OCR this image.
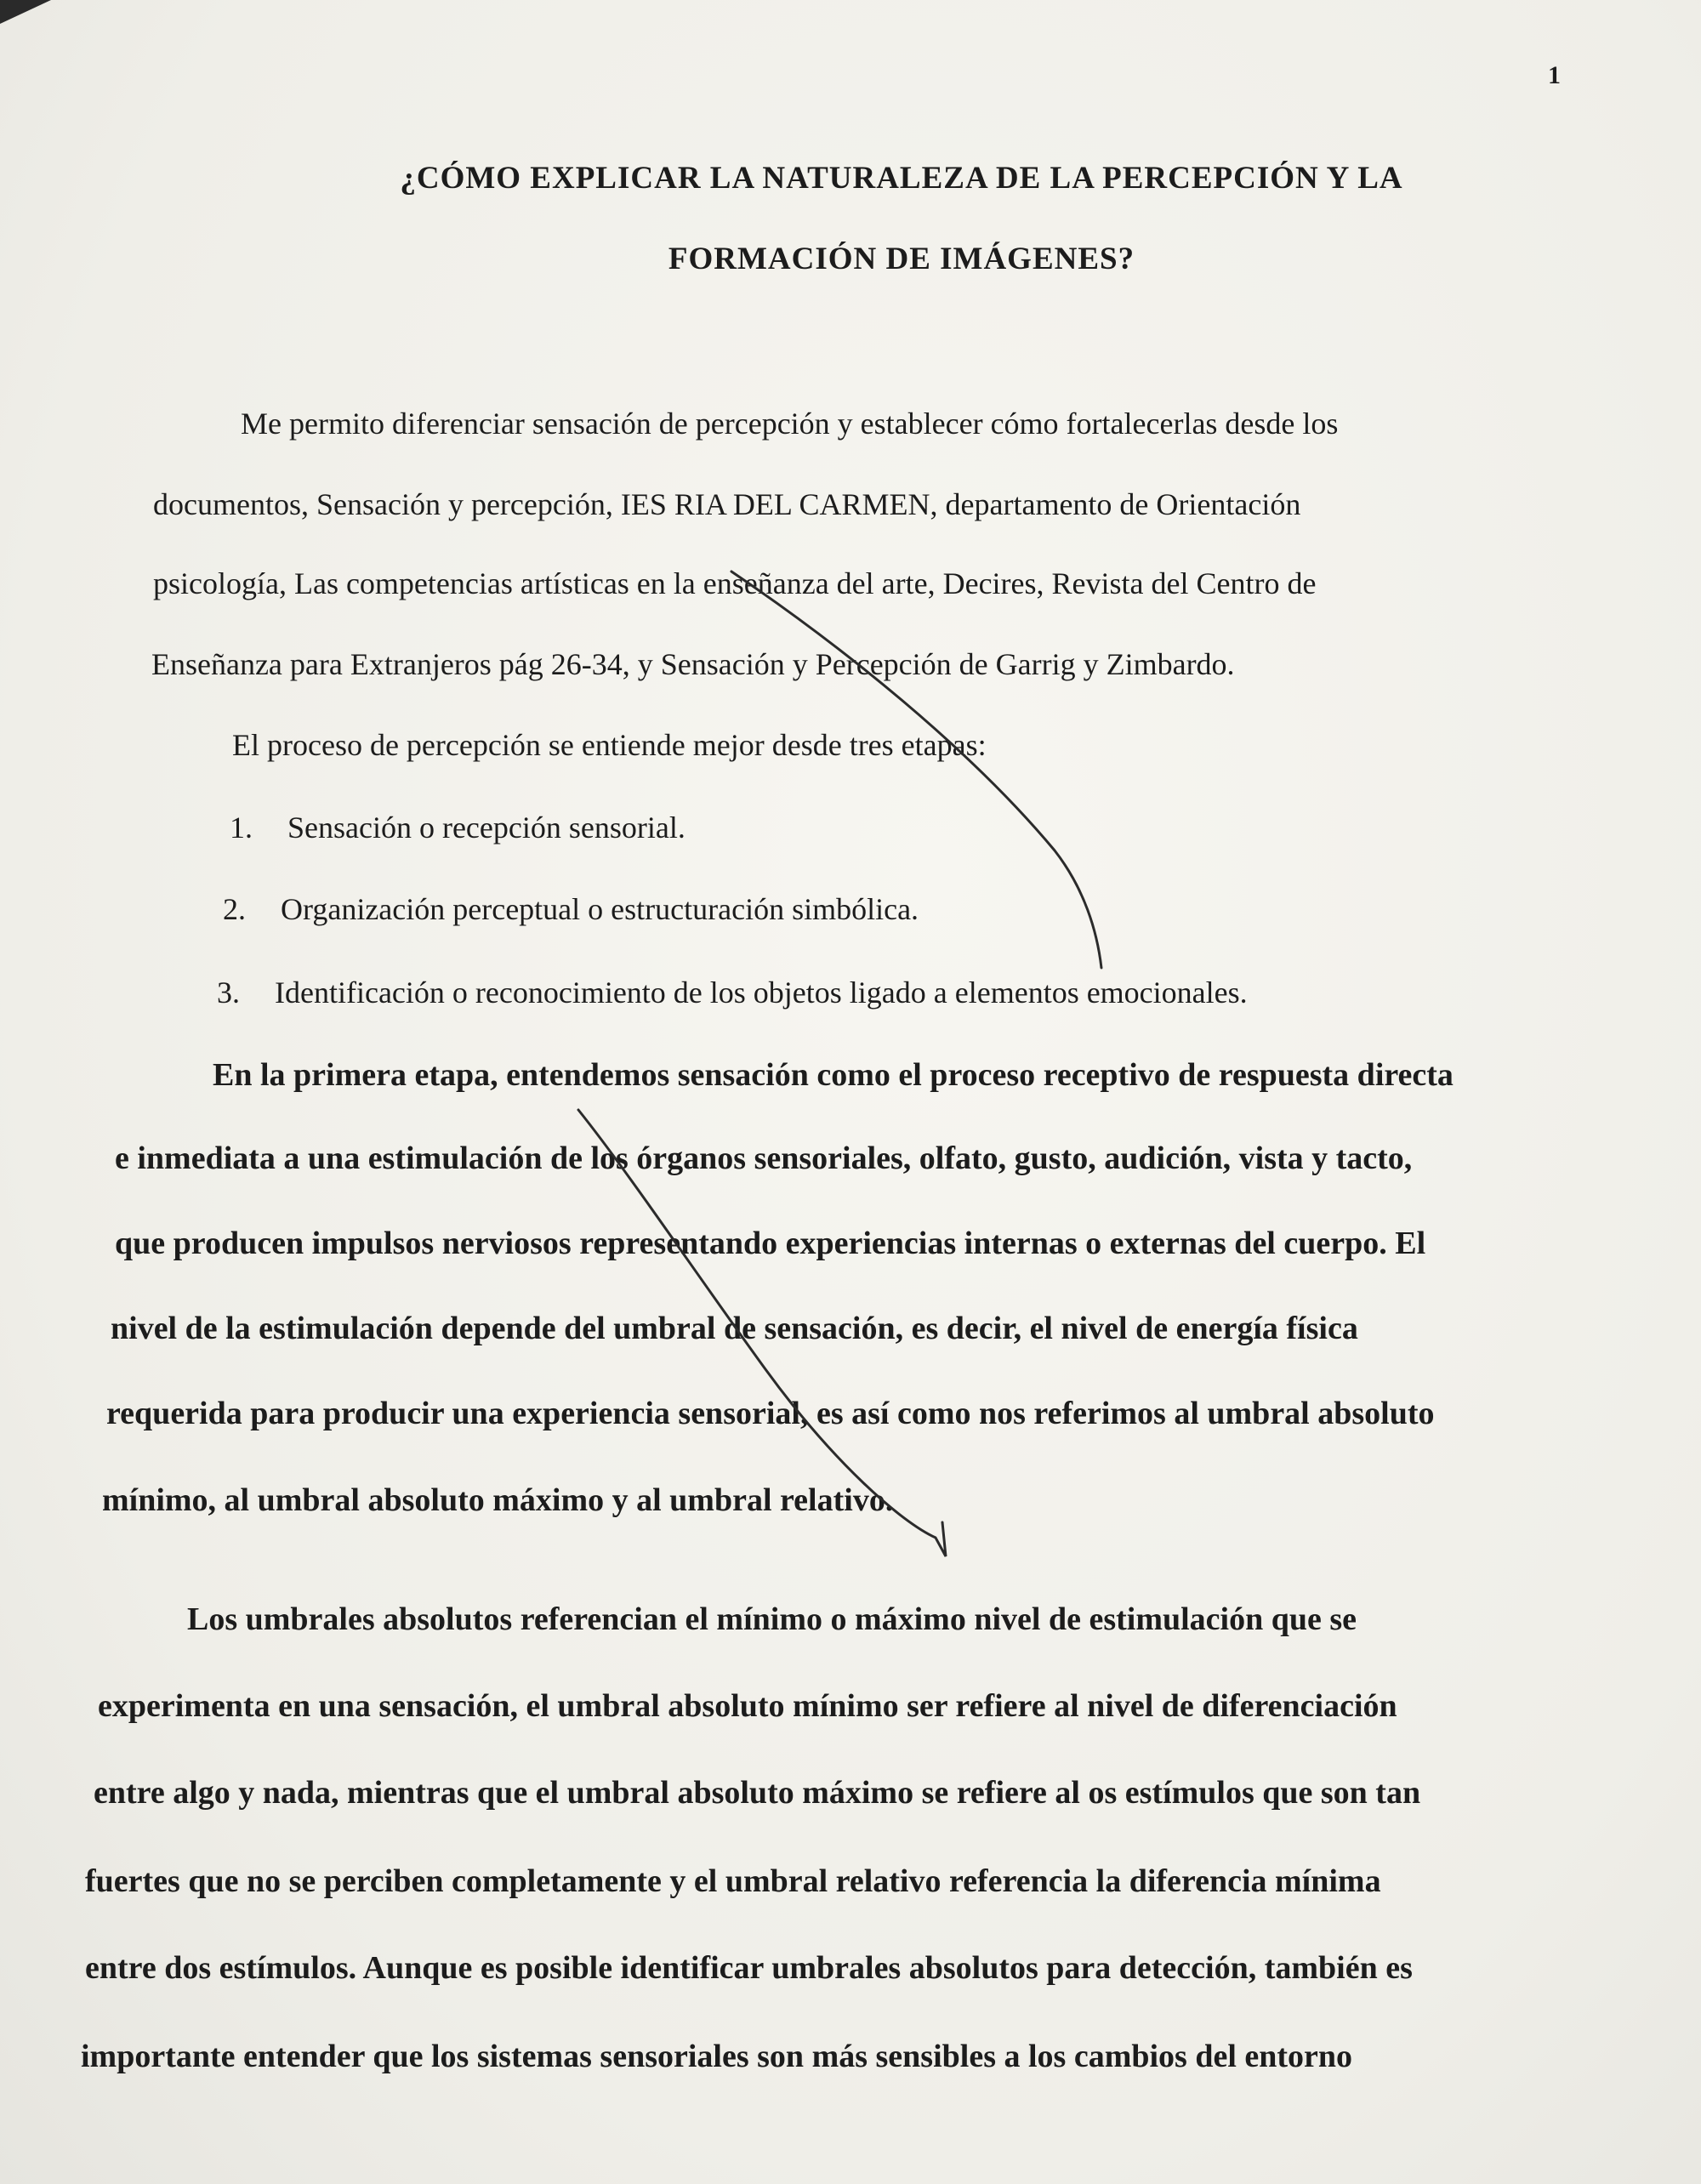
1
¿CÓMO EXPLICAR LA NATURALEZA DE LA PERCEPCIÓN Y LA
FORMACIÓN DE IMÁGENES?
Me permito diferenciar sensación de percepción y establecer cómo fortalecerlas desde los
documentos, Sensación y percepción, IES RIA DEL CARMEN, departamento de Orientación
psicología, Las competencias artísticas en la enseñanza del arte, Decires, Revista del Centro de
Enseñanza para Extranjeros pág 26-34, y Sensación y Percepción de Garrig y Zimbardo.
El proceso de percepción se entiende mejor desde tres etapas:
1. Sensación o recepción sensorial.
2. Organización perceptual o estructuración simbólica.
3. Identificación o reconocimiento de los objetos ligado a elementos emocionales.
En la primera etapa, entendemos sensación como el proceso receptivo de respuesta directa
e inmediata a una estimulación de los órganos sensoriales, olfato, gusto, audición, vista y tacto,
que producen impulsos nerviosos representando experiencias internas o externas del cuerpo. El
nivel de la estimulación depende del umbral de sensación, es decir, el nivel de energía física
requerida para producir una experiencia sensorial, es así como nos referimos al umbral absoluto
mínimo, al umbral absoluto máximo y al umbral relativo.
Los umbrales absolutos referencian el mínimo o máximo nivel de estimulación que se
experimenta en una sensación, el umbral absoluto mínimo ser refiere al nivel de diferenciación
entre algo y nada, mientras que el umbral absoluto máximo se refiere al os estímulos que son tan
fuertes que no se perciben completamente y el umbral relativo referencia la diferencia mínima
entre dos estímulos. Aunque es posible identificar umbrales absolutos para detección, también es
importante entender que los sistemas sensoriales son más sensibles a los cambios del entorno
